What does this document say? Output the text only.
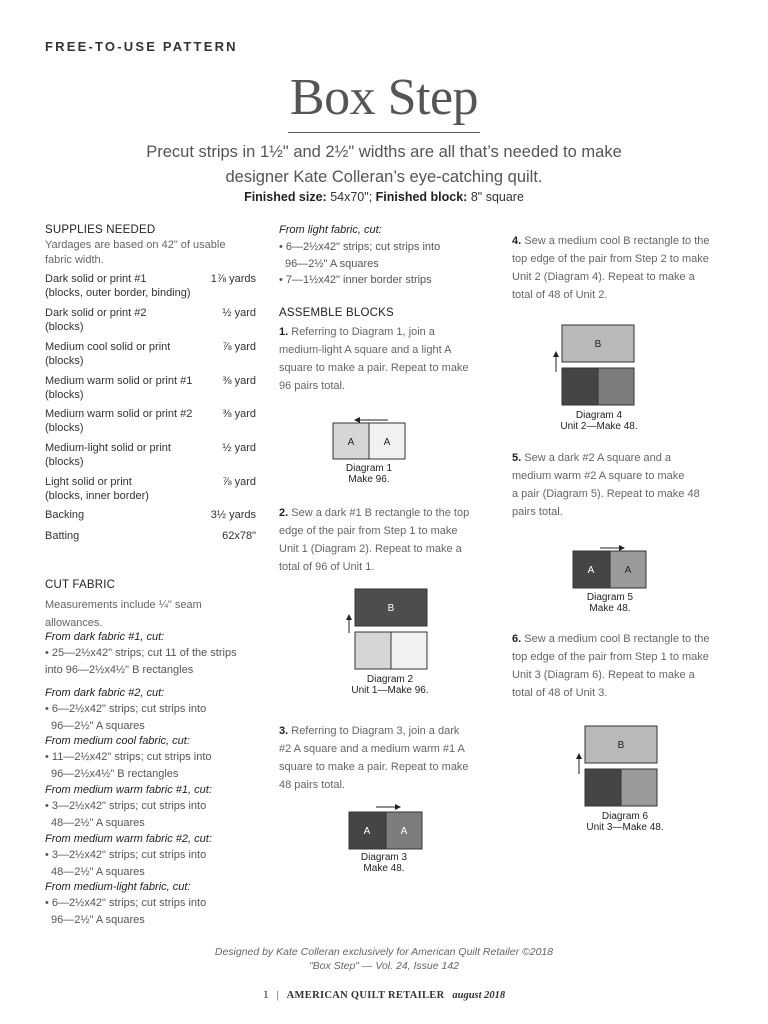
FREE-TO-USE PATTERN
Box Step
Precut strips in 1½" and 2½" widths are all that’s needed to make
designer Kate Colleran’s eye-catching quilt.
Finished size: 54x70"; Finished block: 8" square
SUPPLIES NEEDED
Yardages are based on 42" of usable fabric width.
Dark solid or print #1
(blocks, outer border, binding)
1⅞ yards
Dark solid or print #2
(blocks)
½ yard
Medium cool solid or print
(blocks)
⅞ yard
Medium warm solid or print #1
(blocks)
⅜ yard
Medium warm solid or print #2
(blocks)
⅜ yard
Medium-light solid or print
(blocks)
½ yard
Light solid or print
(blocks, inner border)
⅞ yard
Backing	3½ yards
Batting	62x78"
CUT FABRIC
Measurements include ¼" seam allowances.
From dark fabric #1, cut:
• 25—2½x42" strips; cut 11 of the strips
into 96—2½x4½" B rectangles
From dark fabric #2, cut:
• 6—2½x42" strips; cut strips into
96—2½" A squares
From medium cool fabric, cut:
• 11—2½x42" strips; cut strips into
96—2½x4½" B rectangles
From medium warm fabric #1, cut:
• 3—2½x42" strips; cut strips into
48—2½" A squares
From medium warm fabric #2, cut:
• 3—2½x42" strips; cut strips into
48—2½" A squares
From medium-light fabric, cut:
• 6—2½x42" strips; cut strips into
96—2½" A squares
From light fabric, cut:
• 6—2½x42" strips; cut strips into
96—2½" A squares
• 7—1½x42" inner border strips
ASSEMBLE BLOCKS
1. Referring to Diagram 1, join a
medium-light A square and a light A
square to make a pair. Repeat to make
96 pairs total.
A	A
Diagram 1
Make 96.
2. Sew a dark #1 B rectangle to the top
edge of the pair from Step 1 to make
Unit 1 (Diagram 2). Repeat to make a
total of 96 of Unit 1.
B
Diagram 2
Unit 1—Make 96.
3. Referring to Diagram 3, join a dark
#2 A square and a medium warm #1 A
square to make a pair. Repeat to make
48 pairs total.
A	A
Diagram 3
Make 48.
4. Sew a medium cool B rectangle to the
top edge of the pair from Step 2 to make
Unit 2 (Diagram 4). Repeat to make a
total of 48 of Unit 2.
B
Diagram 4
Unit 2—Make 48.
5. Sew a dark #2 A square and a
medium warm #2 A square to make
a pair (Diagram 5). Repeat to make 48
pairs total.
A	A
Diagram 5
Make 48.
6. Sew a medium cool B rectangle to the
top edge of the pair from Step 1 to make
Unit 3 (Diagram 6). Repeat to make a
total of 48 of Unit 3.
B
Diagram 6
Unit 3—Make 48.
Designed by Kate Colleran exclusively for American Quilt Retailer ©2018
"Box Step" — Vol. 24, Issue 142
1 | AMERICAN QUILT RETAILER august 2018
